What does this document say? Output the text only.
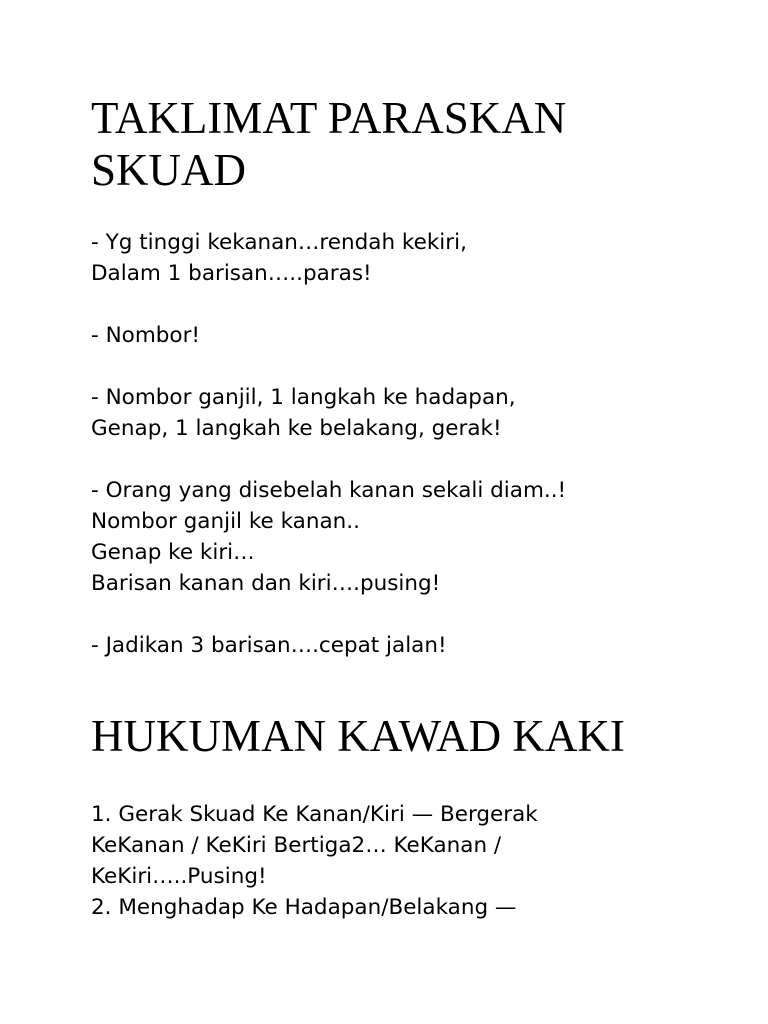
TAKLIMAT PARASKAN
SKUAD
- Yg tinggi kekanan…rendah kekiri,
Dalam 1 barisan…..paras!
- Nombor!
- Nombor ganjil, 1 langkah ke hadapan,
Genap, 1 langkah ke belakang, gerak!
- Orang yang disebelah kanan sekali diam..!
Nombor ganjil ke kanan..
Genap ke kiri…
Barisan kanan dan kiri….pusing!
- Jadikan 3 barisan….cepat jalan!
HUKUMAN KAWAD KAKI
1. Gerak Skuad Ke Kanan/Kiri — Bergerak
KeKanan / KeKiri Bertiga2… KeKanan /
KeKiri…..Pusing!
2. Menghadap Ke Hadapan/Belakang —
